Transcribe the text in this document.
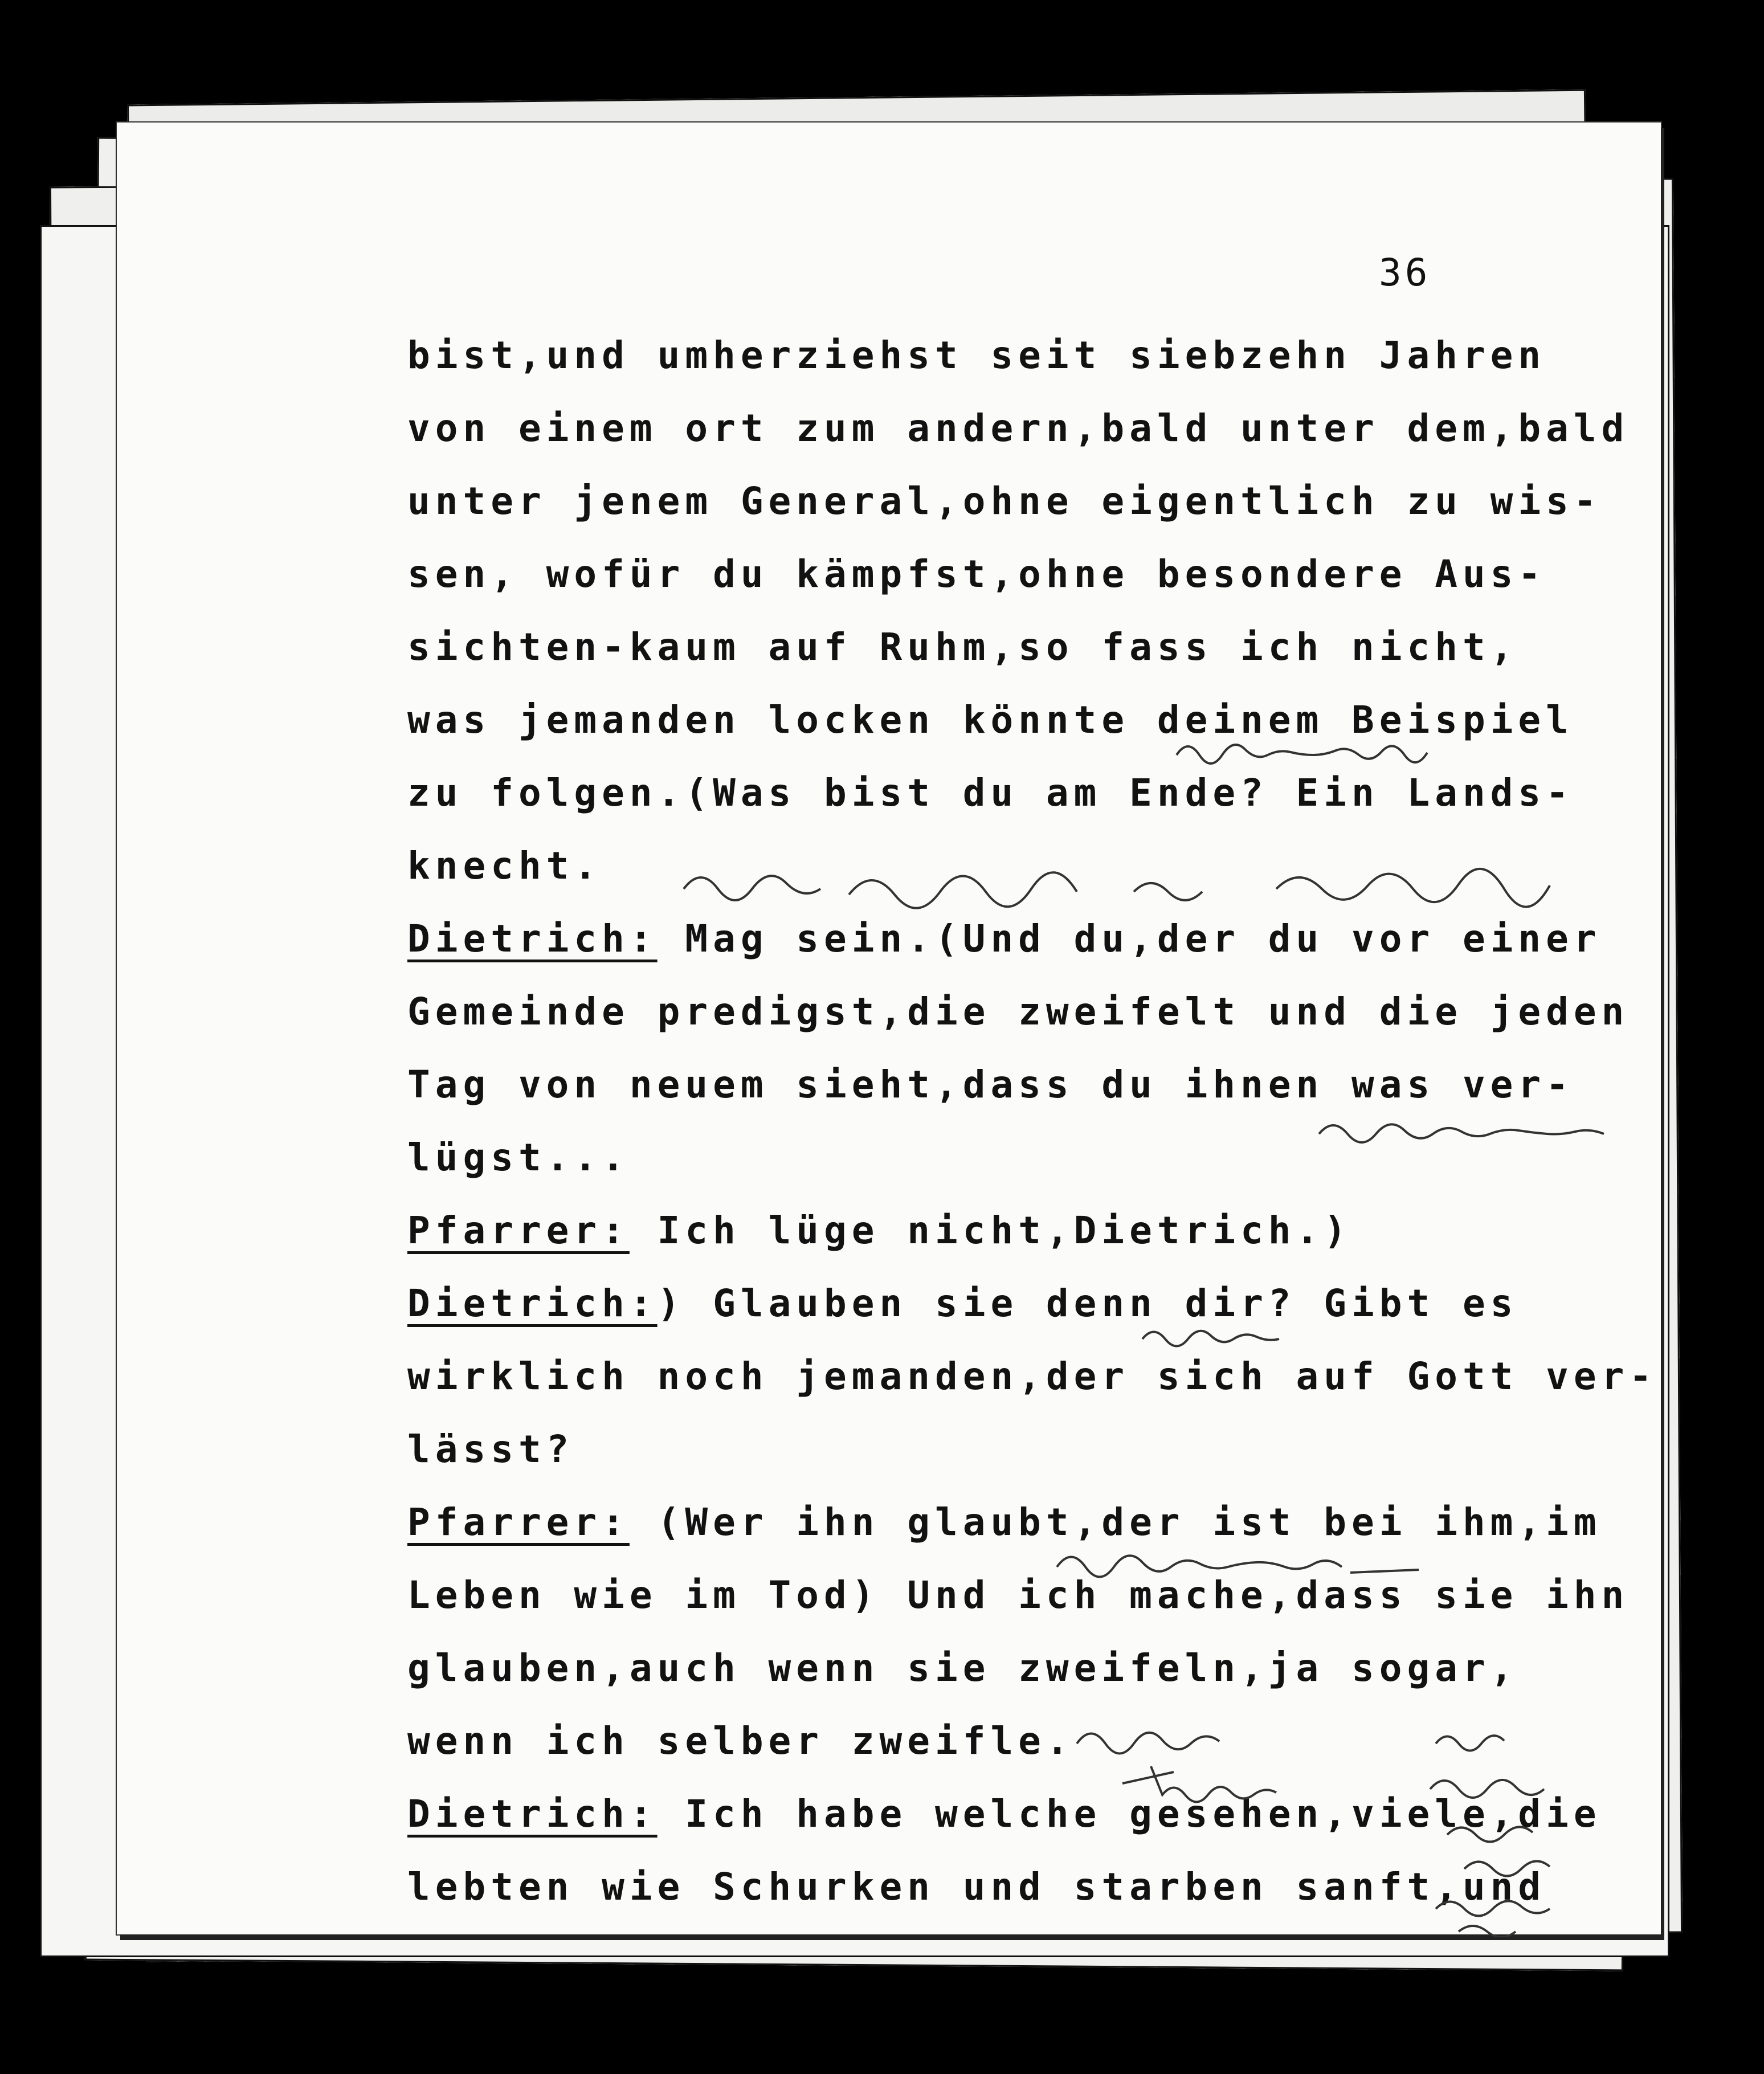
36
bist,und umherziehst seit siebzehn Jahren
von einem ort zum andern,bald unter dem,bald
unter jenem General,ohne eigentlich zu wis-
sen, wofür du kämpfst,ohne besondere Aus-
sichten-kaum auf Ruhm,so fass ich nicht,
was jemanden locken könnte deinem Beispiel
zu folgen.(Was bist du am Ende? Ein Lands-
knecht.
Dietrich: Mag sein.(Und du,der du vor einer
Gemeinde predigst,die zweifelt und die jeden
Tag von neuem sieht,dass du ihnen was ver-
lügst...
Pfarrer: Ich lüge nicht,Dietrich.)
Dietrich:) Glauben sie denn dir? Gibt es
wirklich noch jemanden,der sich auf Gott ver-
lässt?
Pfarrer: (Wer ihn glaubt,der ist bei ihm,im
Leben wie im Tod) Und ich mache,dass sie ihn
glauben,auch wenn sie zweifeln,ja sogar,
wenn ich selber zweifle.
Dietrich: Ich habe welche gesehen,viele,die
lebten wie Schurken und starben sanft,und
